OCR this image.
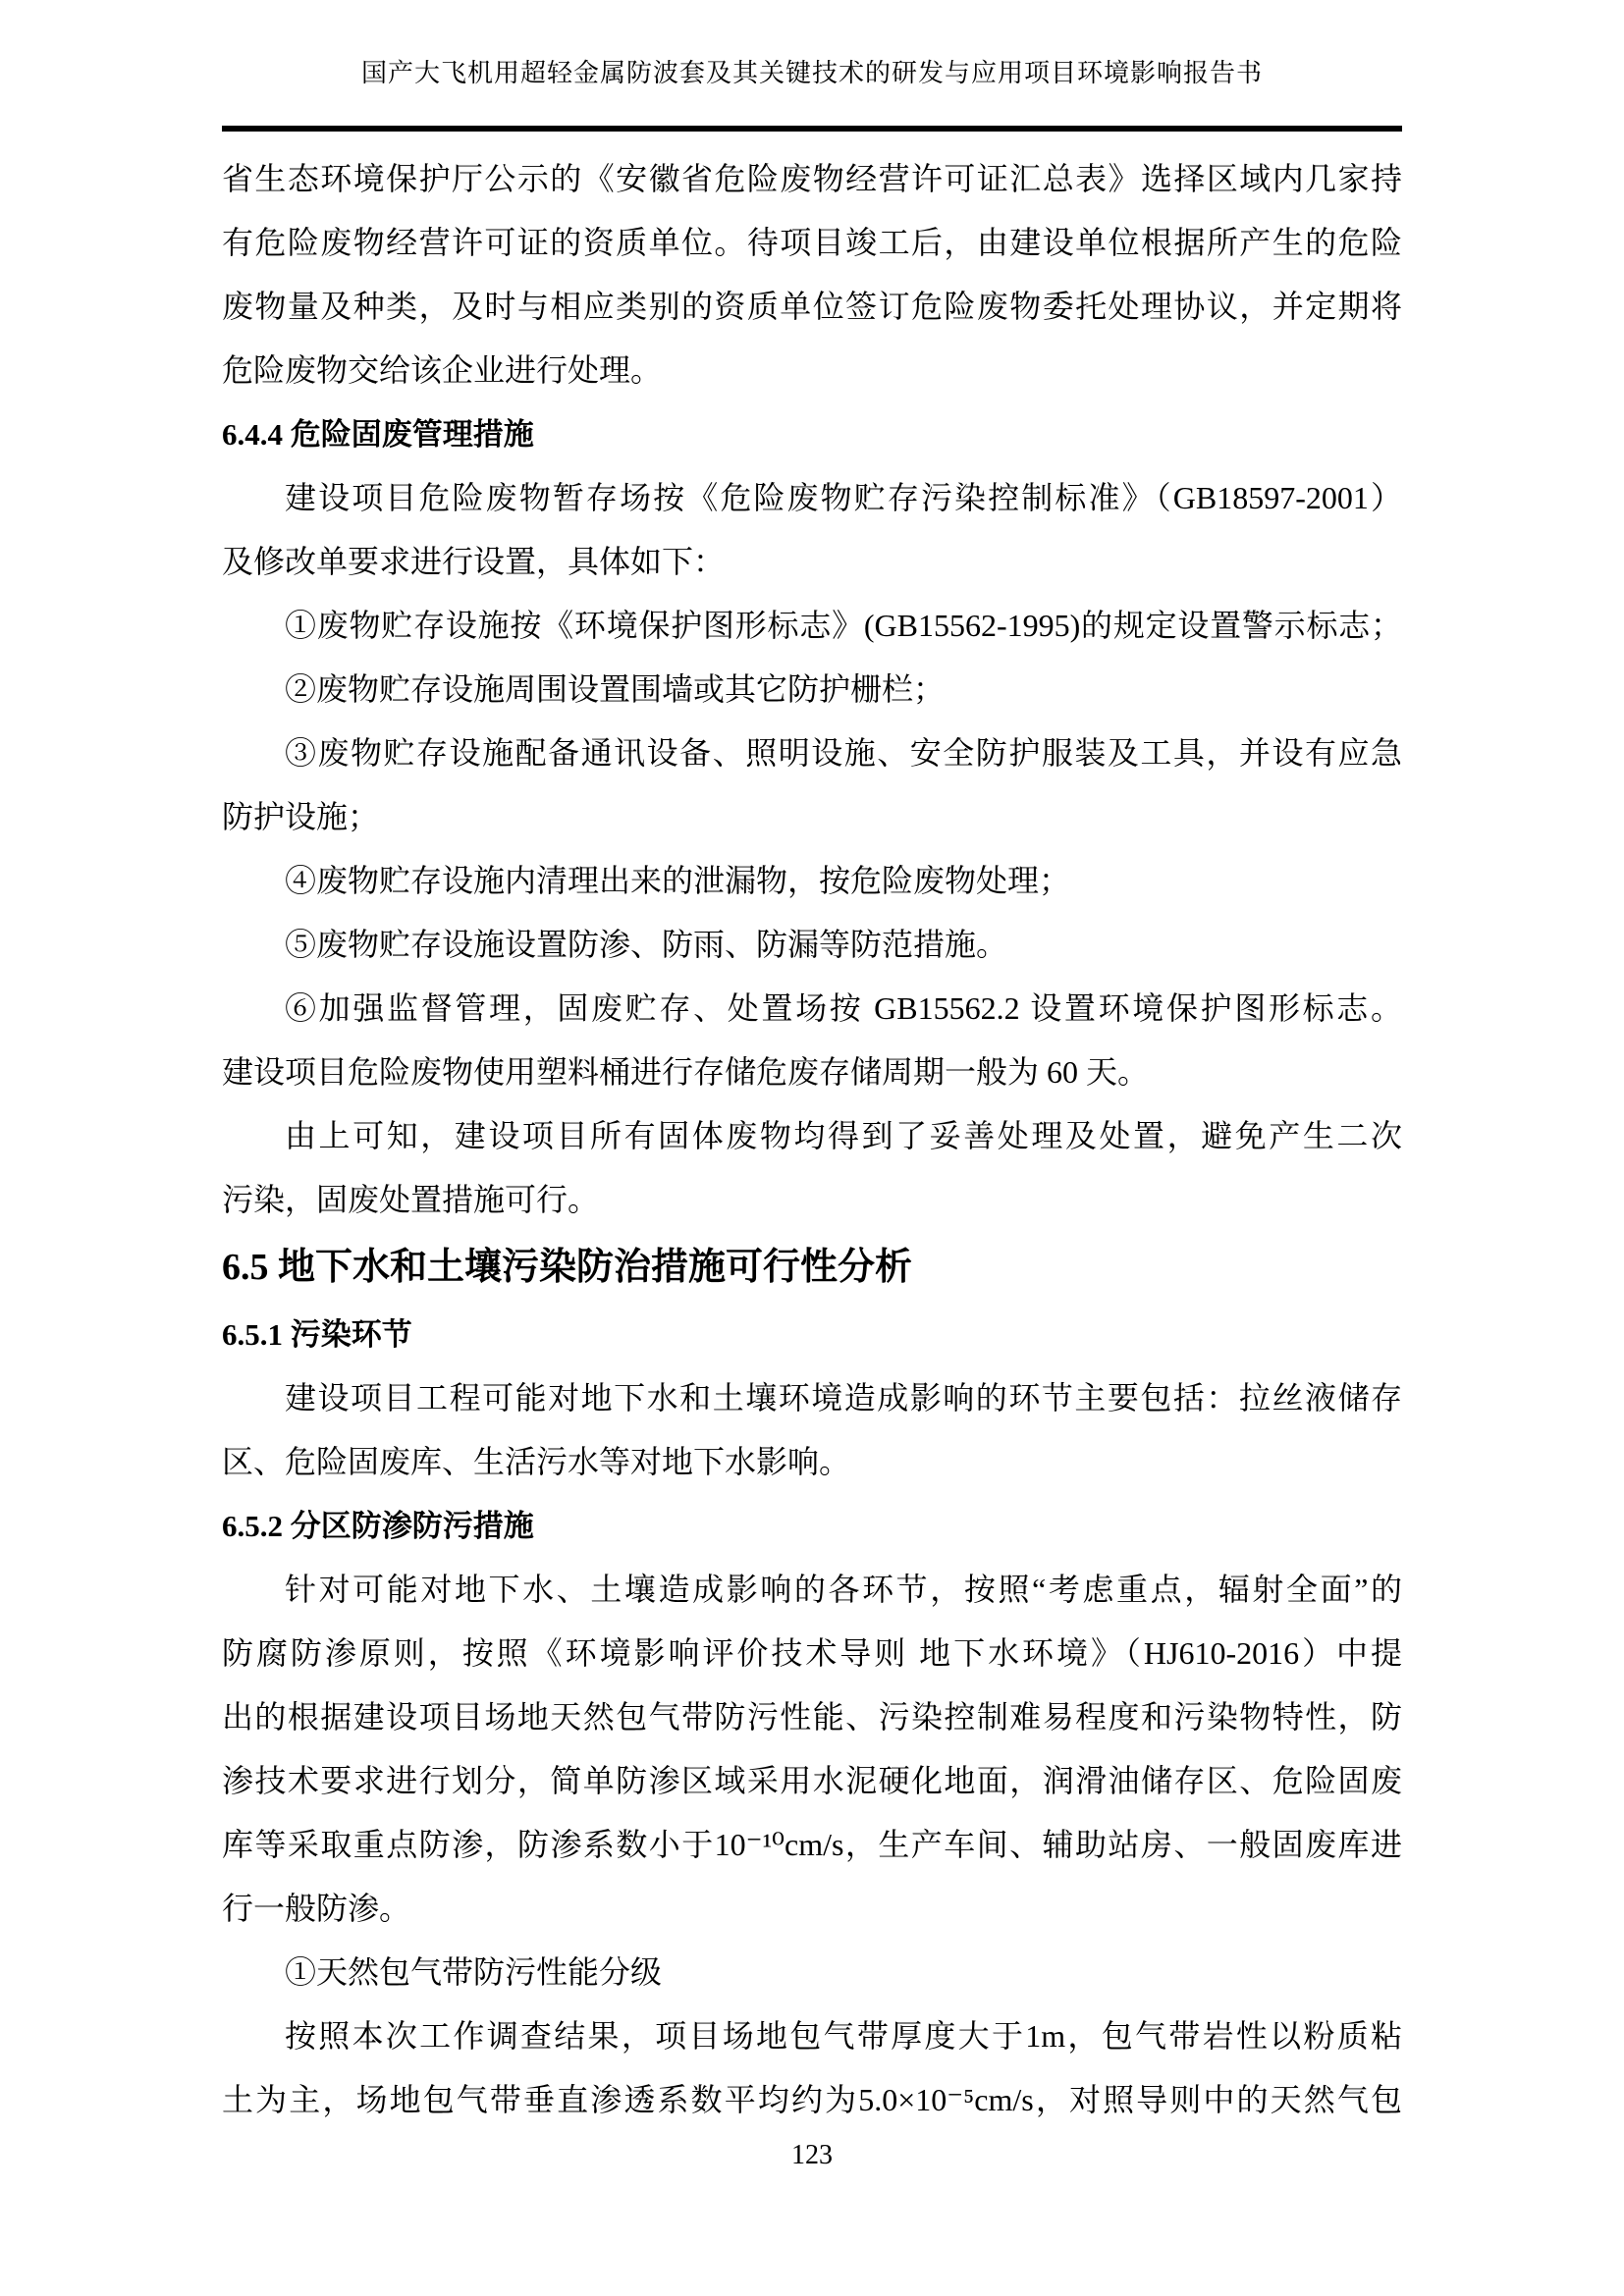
国产大飞机用超轻金属防波套及其关键技术的研发与应用项目环境影响报告书
省生态环境保护厅公示的《安徽省危险废物经营许可证汇总表》选择区域内几家持
有危险废物经营许可证的资质单位。待项目竣工后，由建设单位根据所产生的危险
废物量及种类，及时与相应类别的资质单位签订危险废物委托处理协议，并定期将
危险废物交给该企业进行处理。
6.4.4 危险固废管理措施
建设项目危险废物暂存场按《危险废物贮存污染控制标准》（GB18597-2001）
及修改单要求进行设置，具体如下：
①废物贮存设施按《环境保护图形标志》(GB15562-1995)的规定设置警示标志；
②废物贮存设施周围设置围墙或其它防护栅栏；
③废物贮存设施配备通讯设备、照明设施、安全防护服装及工具，并设有应急
防护设施；
④废物贮存设施内清理出来的泄漏物，按危险废物处理；
⑤废物贮存设施设置防渗、防雨、防漏等防范措施。
⑥加强监督管理，固废贮存、处置场按 GB15562.2 设置环境保护图形标志。
建设项目危险废物使用塑料桶进行存储危废存储周期一般为 60 天。
由上可知，建设项目所有固体废物均得到了妥善处理及处置，避免产生二次
污染，固废处置措施可行。
6.5 地下水和土壤污染防治措施可行性分析
6.5.1 污染环节
建设项目工程可能对地下水和土壤环境造成影响的环节主要包括：拉丝液储存
区、危险固废库、生活污水等对地下水影响。
6.5.2 分区防渗防污措施
针对可能对地下水、土壤造成影响的各环节，按照“考虑重点，辐射全面”的
防腐防渗原则，按照《环境影响评价技术导则 地下水环境》（HJ610-2016）中提
出的根据建设项目场地天然包气带防污性能、污染控制难易程度和污染物特性，防
渗技术要求进行划分，简单防渗区域采用水泥硬化地面，润滑油储存区、危险固废
库等采取重点防渗，防渗系数小于10⁻¹⁰cm/s，生产车间、辅助站房、一般固废库进
行一般防渗。
①天然包气带防污性能分级
按照本次工作调查结果，项目场地包气带厚度大于1m，包气带岩性以粉质粘
土为主，场地包气带垂直渗透系数平均约为5.0×10⁻⁵cm/s，对照导则中的天然气包
123
